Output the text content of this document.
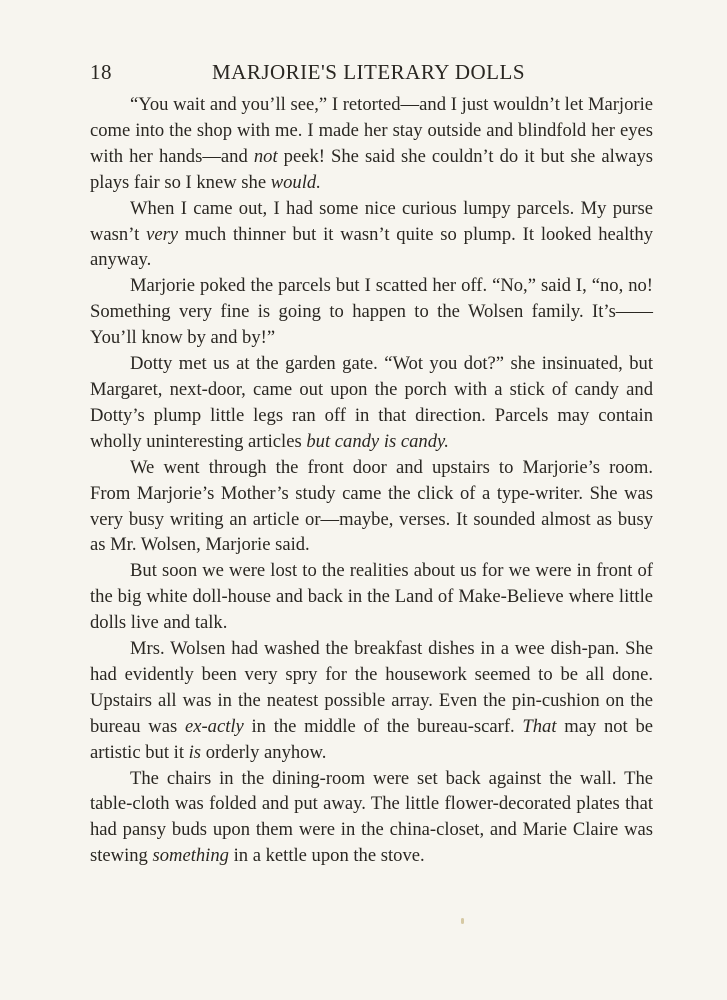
18	MARJORIE'S LITERARY DOLLS

“You wait and you’ll see,” I retorted—and I just wouldn’t let Marjorie come into the shop with me. I made her stay outside and blindfold her eyes with her hands—and not peek! She said she couldn’t do it but she always plays fair so I knew she would.

When I came out, I had some nice curious lumpy parcels. My purse wasn’t very much thinner but it wasn’t quite so plump. It looked healthy anyway.

Marjorie poked the parcels but I scatted her off. “No,” said I, “no, no! Something very fine is going to happen to the Wolsen family. It’s—— You’ll know by and by!”

Dotty met us at the garden gate. “Wot you dot?” she insinuated, but Margaret, next-door, came out upon the porch with a stick of candy and Dotty’s plump little legs ran off in that direction. Parcels may contain wholly uninteresting articles but candy is candy.

We went through the front door and upstairs to Marjorie’s room. From Marjorie’s Mother’s study came the click of a type-writer. She was very busy writing an article or—maybe, verses. It sounded almost as busy as Mr. Wolsen, Marjorie said.

But soon we were lost to the realities about us for we were in front of the big white doll-house and back in the Land of Make-Believe where little dolls live and talk.

Mrs. Wolsen had washed the breakfast dishes in a wee dish-pan. She had evidently been very spry for the housework seemed to be all done. Upstairs all was in the neatest possible array. Even the pin-cushion on the bureau was ex-actly in the middle of the bureau-scarf. That may not be artistic but it is orderly anyhow.

The chairs in the dining-room were set back against the wall. The table-cloth was folded and put away. The little flower-decorated plates that had pansy buds upon them were in the china-closet, and Marie Claire was stewing something in a kettle upon the stove.
